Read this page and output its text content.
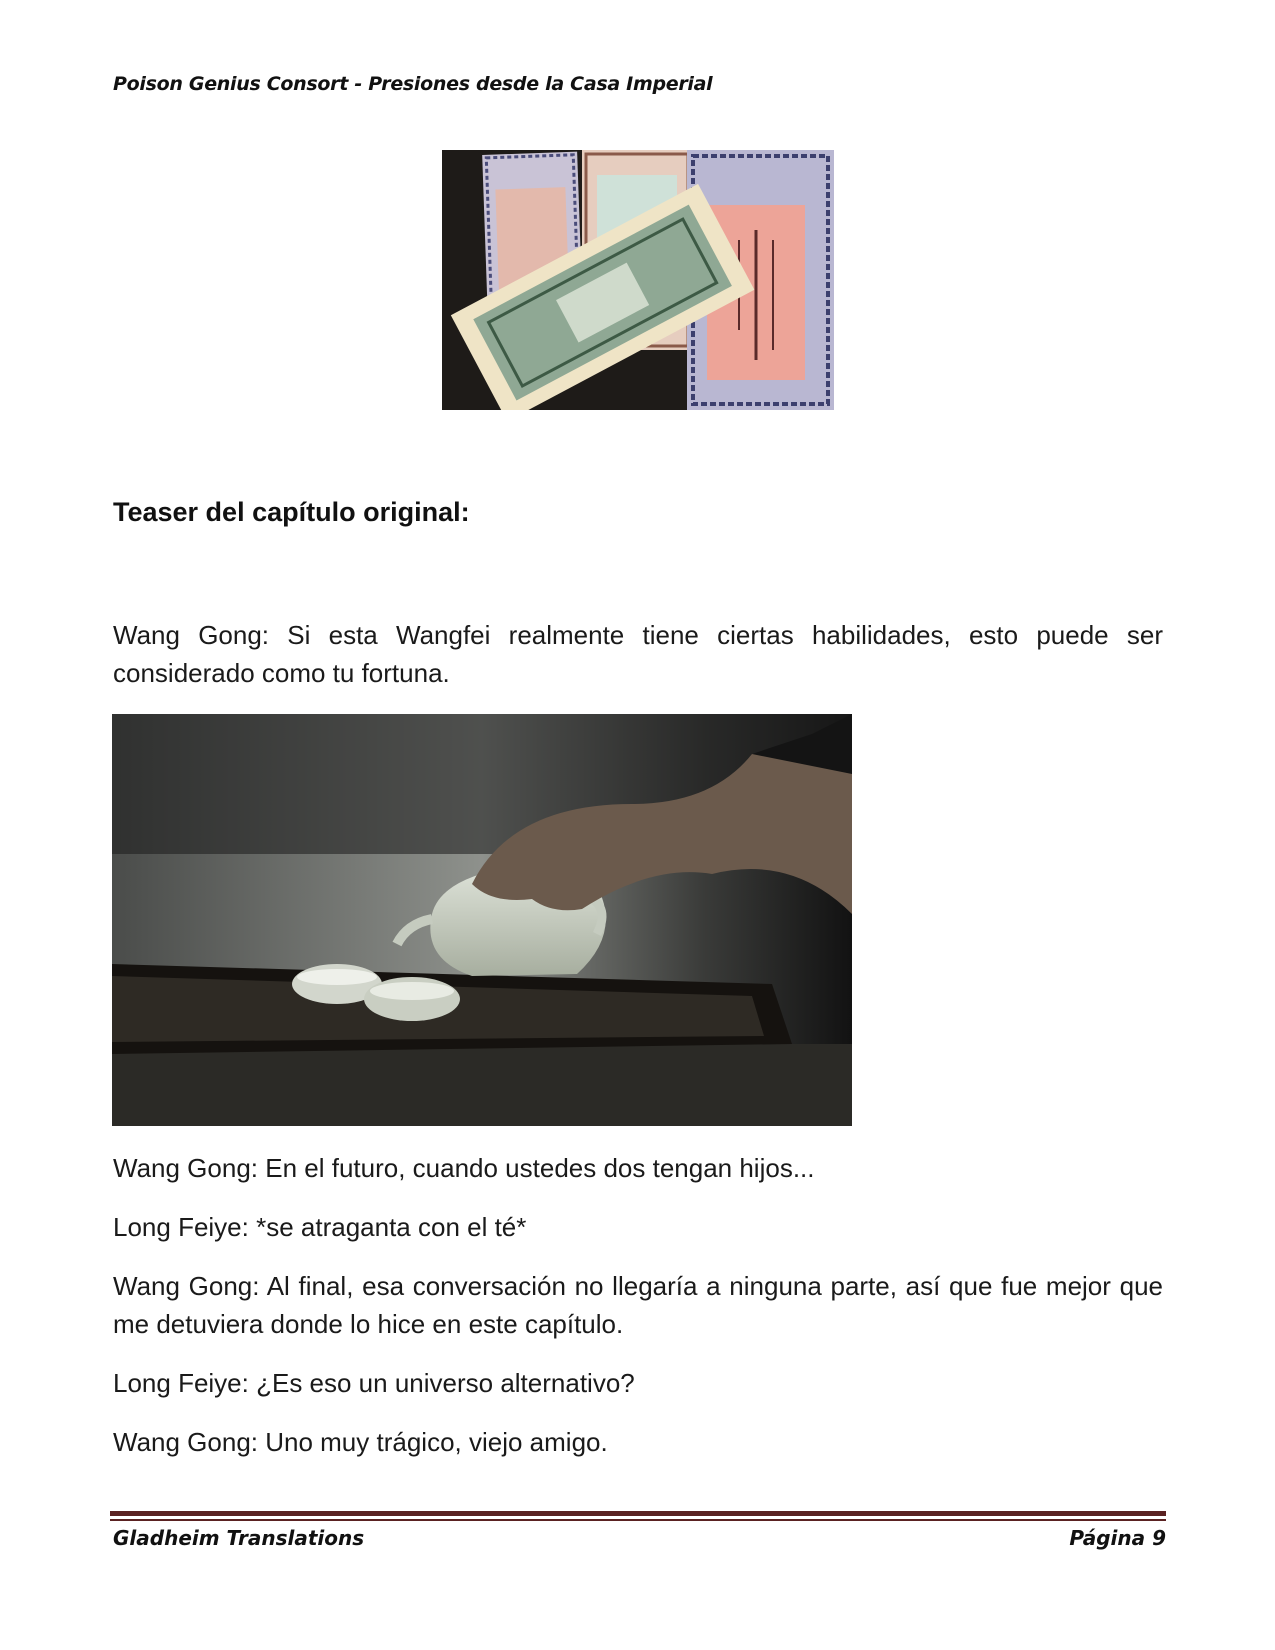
Poison Genius Consort - Presiones desde la Casa Imperial
Teaser del capítulo original:

Wang Gong: Si esta Wangfei realmente tiene ciertas habilidades, esto puede ser considerado como tu fortuna.

Wang Gong: En el futuro, cuando ustedes dos tengan hijos...

Long Feiye: *se atraganta con el té*

Wang Gong: Al final, esa conversación no llegaría a ninguna parte, así que fue mejor que me detuviera donde lo hice en este capítulo.

Long Feiye: ¿Es eso un universo alternativo?

Wang Gong: Uno muy trágico, viejo amigo.

Gladheim Translations	Página 9
